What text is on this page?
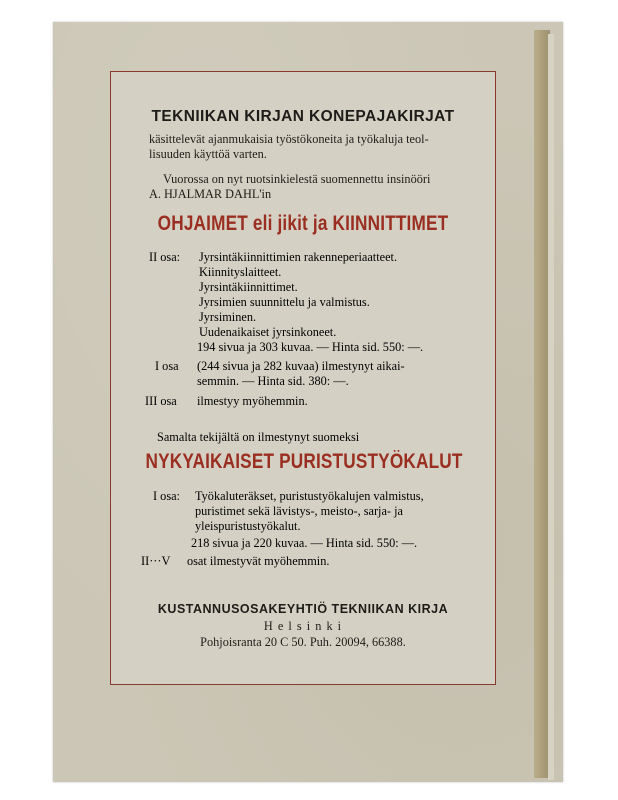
TEKNIIKAN KIRJAN KONEPAJAKIRJAT
käsittelevät ajanmukaisia työstökoneita ja työkaluja teol-
lisuuden käyttöä varten.
Vuorossa on nyt ruotsinkielestä suomennettu insinööri
A. HJALMAR DAHL'in
OHJAIMET eli jikit ja KIINNITTIMET
II osa: Jyrsintäkiinnittimien rakenneperiaatteet.
Kiinnityslaitteet.
Jyrsintäkiinnittimet.
Jyrsimien suunnittelu ja valmistus.
Jyrsiminen.
Uudenaikaiset jyrsinkoneet.
194 sivua ja 303 kuvaa. — Hinta sid. 550: —.
I osa (244 sivua ja 282 kuvaa) ilmestynyt aikai-
semmin. — Hinta sid. 380: —.
III osa ilmestyy myöhemmin.
Samalta tekijältä on ilmestynyt suomeksi
NYKYAIKAISET PURISTUSTYÖKALUT
I osa: Työkaluteräkset, puristustyökalujen valmistus,
puristimet sekä lävistys-, meisto-, sarja- ja
yleispuristustyökalut.
218 sivua ja 220 kuvaa. — Hinta sid. 550: —.
II···V osat ilmestyvät myöhemmin.
KUSTANNUSOSAKEYHTIÖ TEKNIIKAN KIRJA
H e l s i n k i
Pohjoisranta 20 C 50. Puh. 20094, 66388.
